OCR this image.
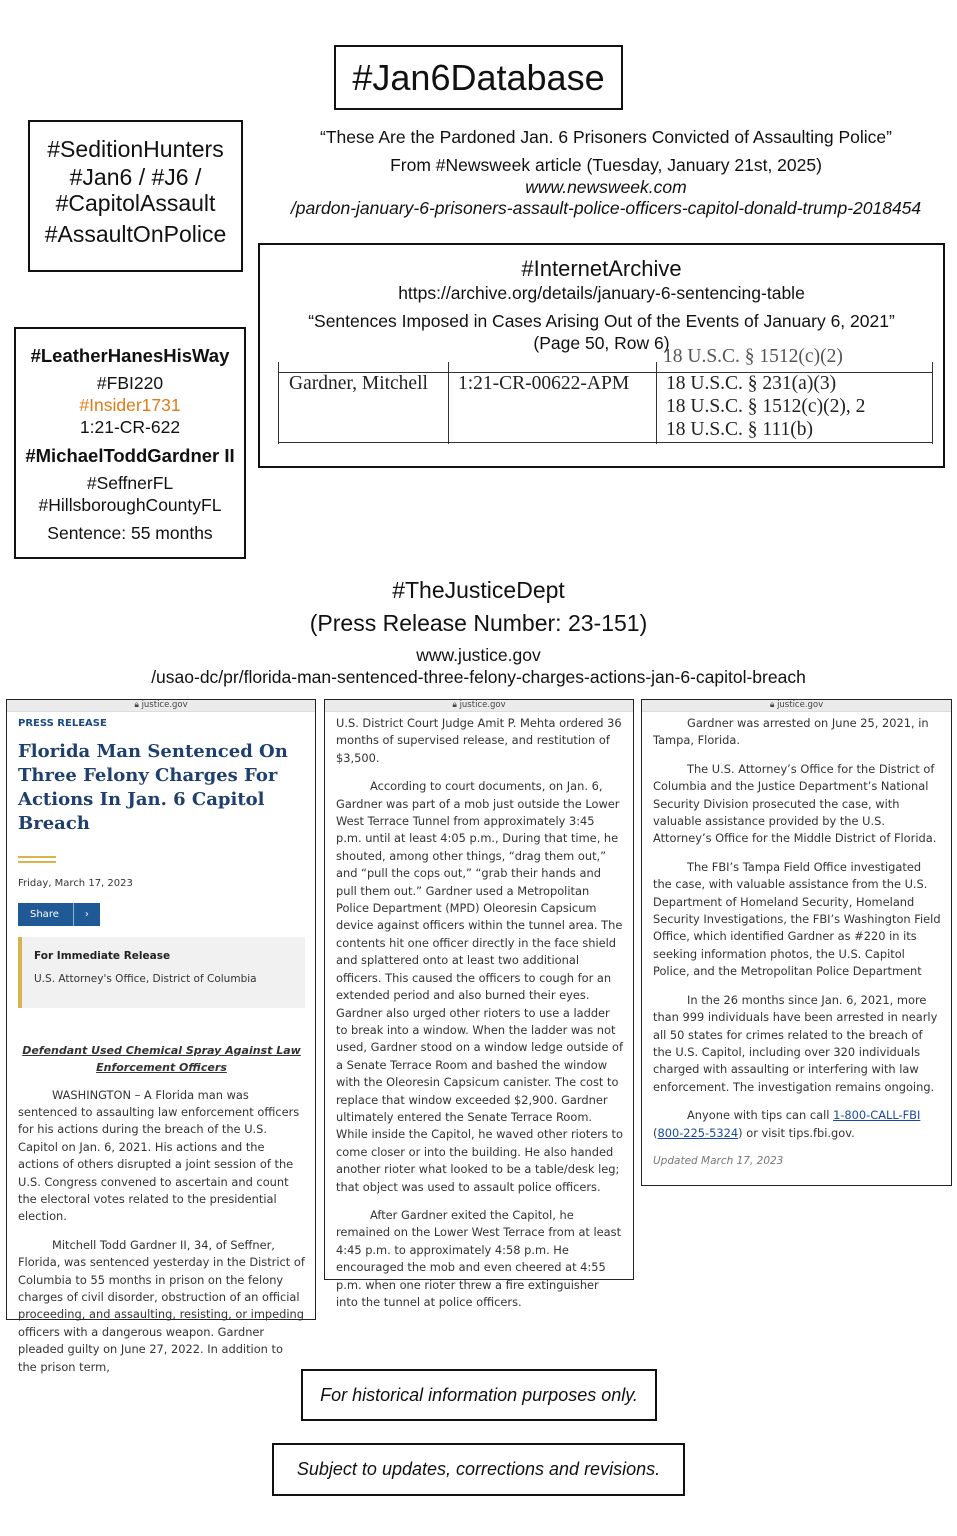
#Jan6Database
#SeditionHunters
#Jan6 / #J6 /
#CapitolAssault
#AssaultOnPolice
“These Are the Pardoned Jan. 6 Prisoners Convicted of Assaulting Police”
From #Newsweek article (Tuesday, January 21st, 2025)
www.newsweek.com
/pardon-january-6-prisoners-assault-police-officers-capitol-donald-trump-2018454
#InternetArchive
https://archive.org/details/january-6-sentencing-table
“Sentences Imposed in Cases Arising Out of the Events of January 6, 2021”
(Page 50, Row 6)
18 U.S.C. § 1512(c)(2)
Gardner, Mitchell 1:21-CR-00622-APM 18 U.S.C. § 231(a)(3)
18 U.S.C. § 1512(c)(2), 2
18 U.S.C. § 111(b)
#LeatherHanesHisWay
#FBI220
#Insider1731
1:21-CR-622
#MichaelToddGardner II
#SeffnerFL
#HillsboroughCountyFL
Sentence: 55 months
#TheJusticeDept
(Press Release Number: 23-151)
www.justice.gov
/usao-dc/pr/florida-man-sentenced-three-felony-charges-actions-jan-6-capitol-breach
🔒︎ justice.gov
PRESS RELEASE
Florida Man Sentenced On Three Felony Charges For Actions In Jan. 6 Capitol Breach
Friday, March 17, 2023
Share	›
For Immediate Release
U.S. Attorney's Office, District of Columbia
Defendant Used Chemical Spray Against Law Enforcement Officers

WASHINGTON – A Florida man was sentenced to assaulting law enforcement officers for his actions during the breach of the U.S. Capitol on Jan. 6, 2021. His actions and the actions of others disrupted a joint session of the U.S. Congress convened to ascertain and count the electoral votes related to the presidential election.

Mitchell Todd Gardner II, 34, of Seffner, Florida, was sentenced yesterday in the District of Columbia to 55 months in prison on the felony charges of civil disorder, obstruction of an official proceeding, and assaulting, resisting, or impeding officers with a dangerous weapon. Gardner pleaded guilty on June 27, 2022. In addition to the prison term,

🔒︎ justice.gov

U.S. District Court Judge Amit P. Mehta ordered 36 months of supervised release, and restitution of $3,500.

According to court documents, on Jan. 6, Gardner was part of a mob just outside the Lower West Terrace Tunnel from approximately 3:45 p.m. until at least 4:05 p.m., During that time, he shouted, among other things, “drag them out,” and “pull the cops out,” “grab their hands and pull them out.” Gardner used a Metropolitan Police Department (MPD) Oleoresin Capsicum device against officers within the tunnel area. The contents hit one officer directly in the face shield and splattered onto at least two additional officers. This caused the officers to cough for an extended period and also burned their eyes. Gardner also urged other rioters to use a ladder to break into a window. When the ladder was not used, Gardner stood on a window ledge outside of a Senate Terrace Room and bashed the window with the Oleoresin Capsicum canister. The cost to replace that window exceeded $2,900. Gardner ultimately entered the Senate Terrace Room. While inside the Capitol, he waved other rioters to come closer or into the building. He also handed another rioter what looked to be a table/desk leg; that object was used to assault police officers.

After Gardner exited the Capitol, he remained on the Lower West Terrace from at least 4:45 p.m. to approximately 4:58 p.m. He encouraged the mob and even cheered at 4:55 p.m. when one rioter threw a fire extinguisher into the tunnel at police officers.

🔒︎ justice.gov

Gardner was arrested on June 25, 2021, in Tampa, Florida.

The U.S. Attorney’s Office for the District of Columbia and the Justice Department’s National Security Division prosecuted the case, with valuable assistance provided by the U.S. Attorney’s Office for the Middle District of Florida.

The FBI’s Tampa Field Office investigated the case, with valuable assistance from the U.S. Department of Homeland Security, Homeland Security Investigations, the FBI’s Washington Field Office, which identified Gardner as #220 in its seeking information photos, the U.S. Capitol Police, and the Metropolitan Police Department

In the 26 months since Jan. 6, 2021, more than 999 individuals have been arrested in nearly all 50 states for crimes related to the breach of the U.S. Capitol, including over 320 individuals charged with assaulting or interfering with law enforcement. The investigation remains ongoing.

Anyone with tips can call 1-800-CALL-FBI (800-225-5324) or visit tips.fbi.gov.

Updated March 17, 2023

For historical information purposes only.
Subject to updates, corrections and revisions.
